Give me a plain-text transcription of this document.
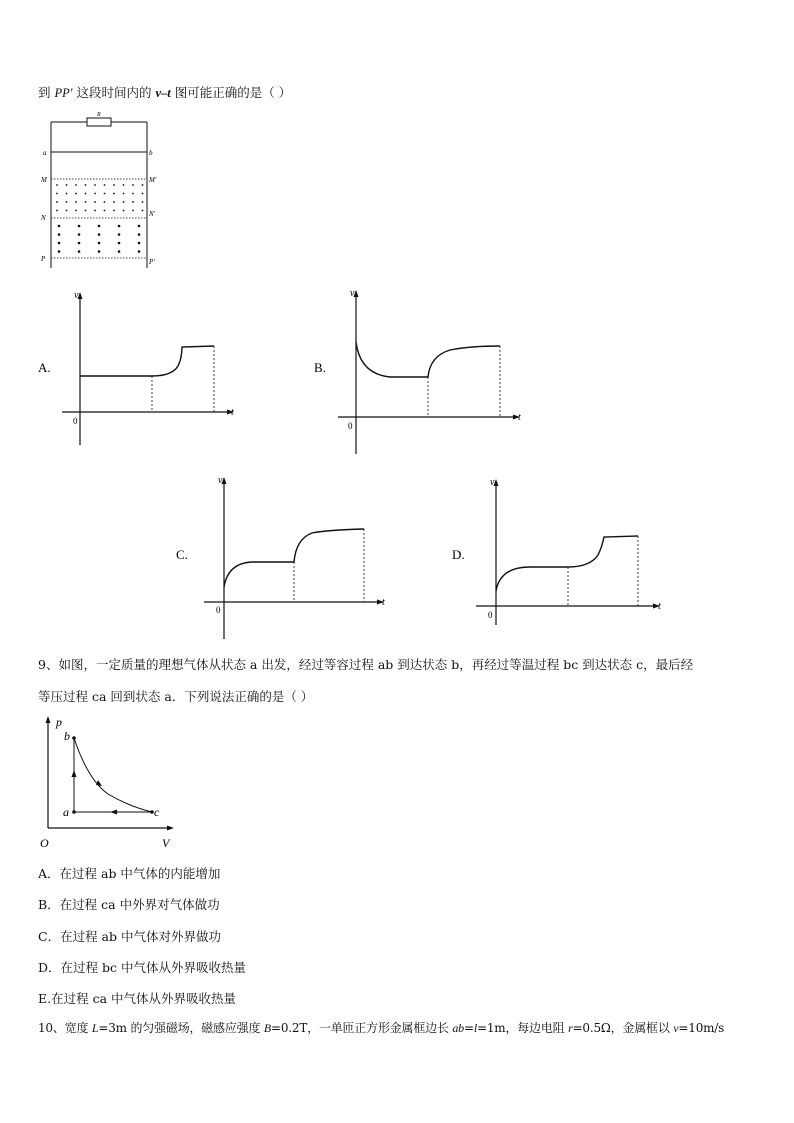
到 PP′ 这段时间内的 v–t 图可能正确的是（ ）
R
a	b
M	M′
N	N′
P	P′
A.
v
t
0
B.
v
t
0
C.
v
t
0
D.
v
t
0
9、如图，一定质量的理想气体从状态 a 出发，经过等容过程 ab 到达状态 b，再经过等温过程 bc 到达状态 c，最后经
等压过程 ca 回到状态 a．下列说法正确的是（ ）
p
V
O
b
a	c
A．在过程 ab 中气体的内能增加
B．在过程 ca 中外界对气体做功
C．在过程 ab 中气体对外界做功
D．在过程 bc 中气体从外界吸收热量
E.在过程 ca 中气体从外界吸收热量
10、宽度 L=3m 的匀强磁场，磁感应强度 B=0.2T，一单匝正方形金属框边长 ab=l=1m，每边电阻 r=0.5Ω，金属框以 v=10m/s
